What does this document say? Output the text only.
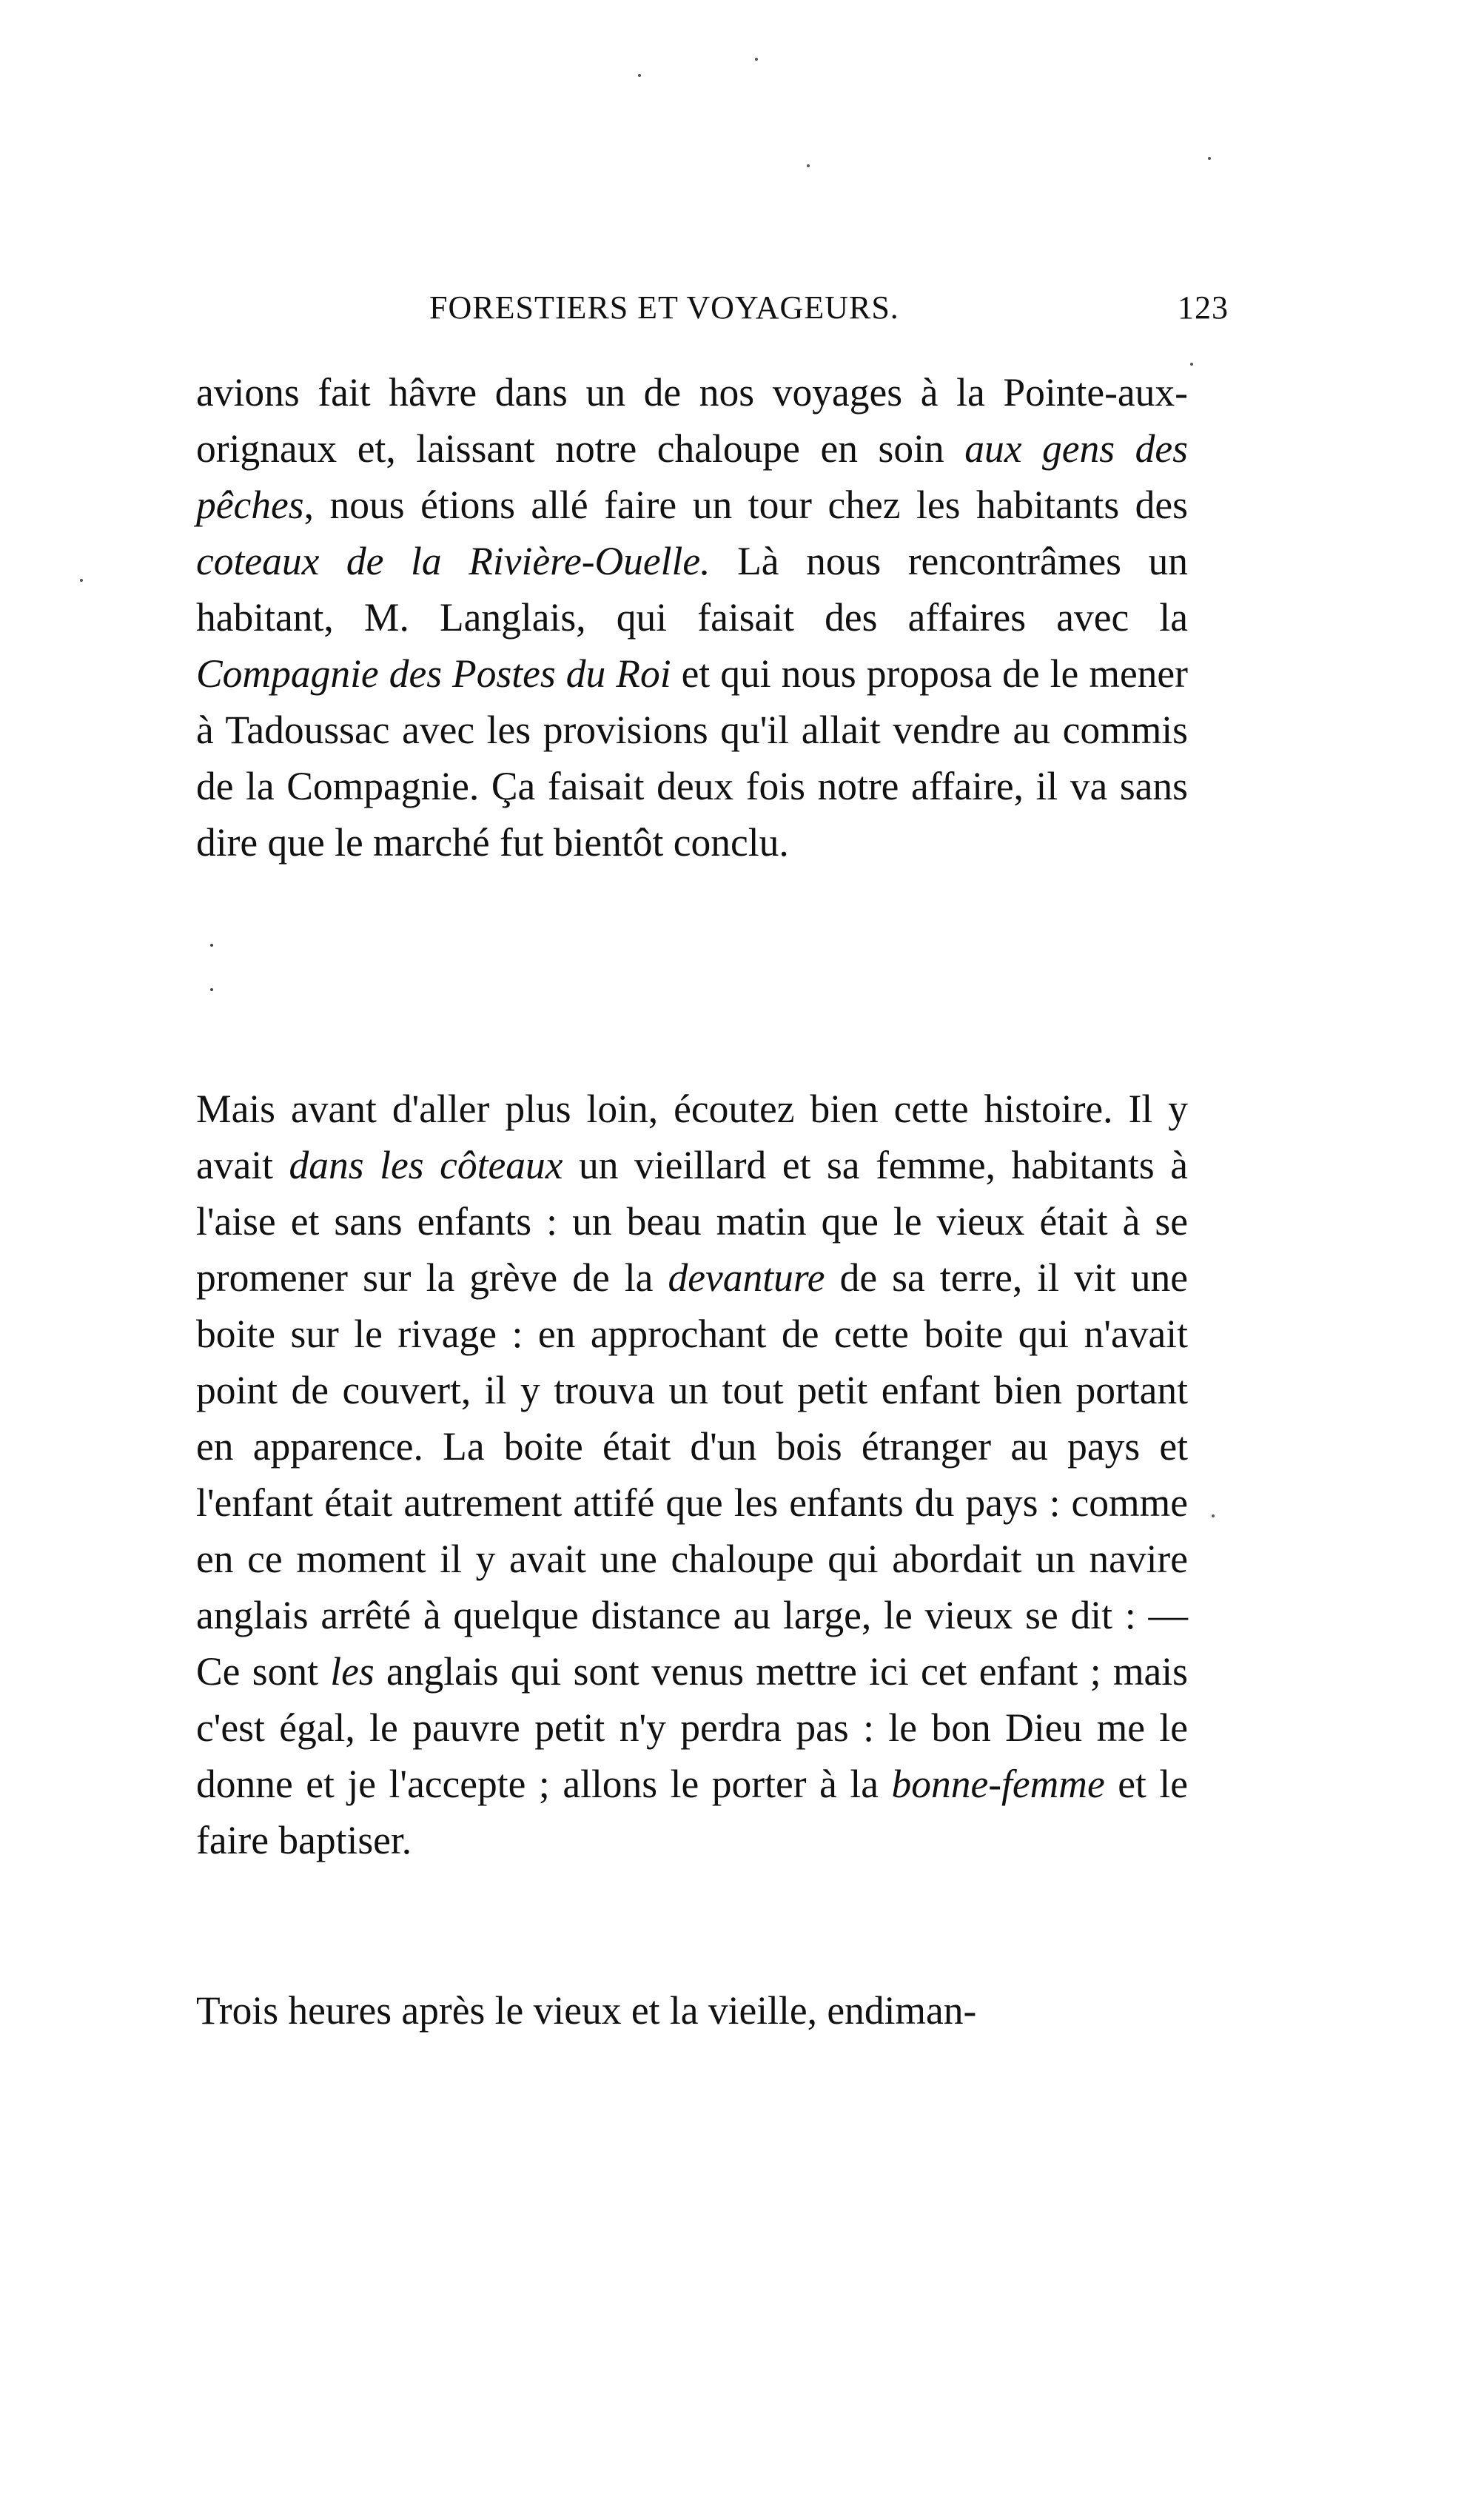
FORESTIERS ET VOYAGEURS.	123

avions fait hâvre dans un de nos voyages à la Pointe-aux-orignaux et, laissant notre chaloupe en soin aux gens des pêches, nous étions allé faire un tour chez les habitants des coteaux de la Rivière-Ouelle. Là nous rencontrâmes un habitant, M. Langlais, qui faisait des affaires avec la Compagnie des Postes du Roi et qui nous proposa de le mener à Tadoussac avec les provisions qu'il allait vendre au commis de la Compagnie. Ça faisait deux fois notre affaire, il va sans dire que le marché fut bientôt conclu.

Mais avant d'aller plus loin, écoutez bien cette histoire. Il y avait dans les côteaux un vieillard et sa femme, habitants à l'aise et sans enfants : un beau matin que le vieux était à se promener sur la grève de la devanture de sa terre, il vit une boite sur le rivage : en approchant de cette boite qui n'avait point de couvert, il y trouva un tout petit enfant bien portant en apparence. La boite était d'un bois étranger au pays et l'enfant était autrement attifé que les enfants du pays : comme en ce moment il y avait une chaloupe qui abordait un navire anglais arrêté à quelque distance au large, le vieux se dit : —Ce sont les anglais qui sont venus mettre ici cet enfant ; mais c'est égal, le pauvre petit n'y perdra pas : le bon Dieu me le donne et je l'accepte ; allons le porter à la bonne-femme et le faire baptiser.

Trois heures après le vieux et la vieille, endiman-
